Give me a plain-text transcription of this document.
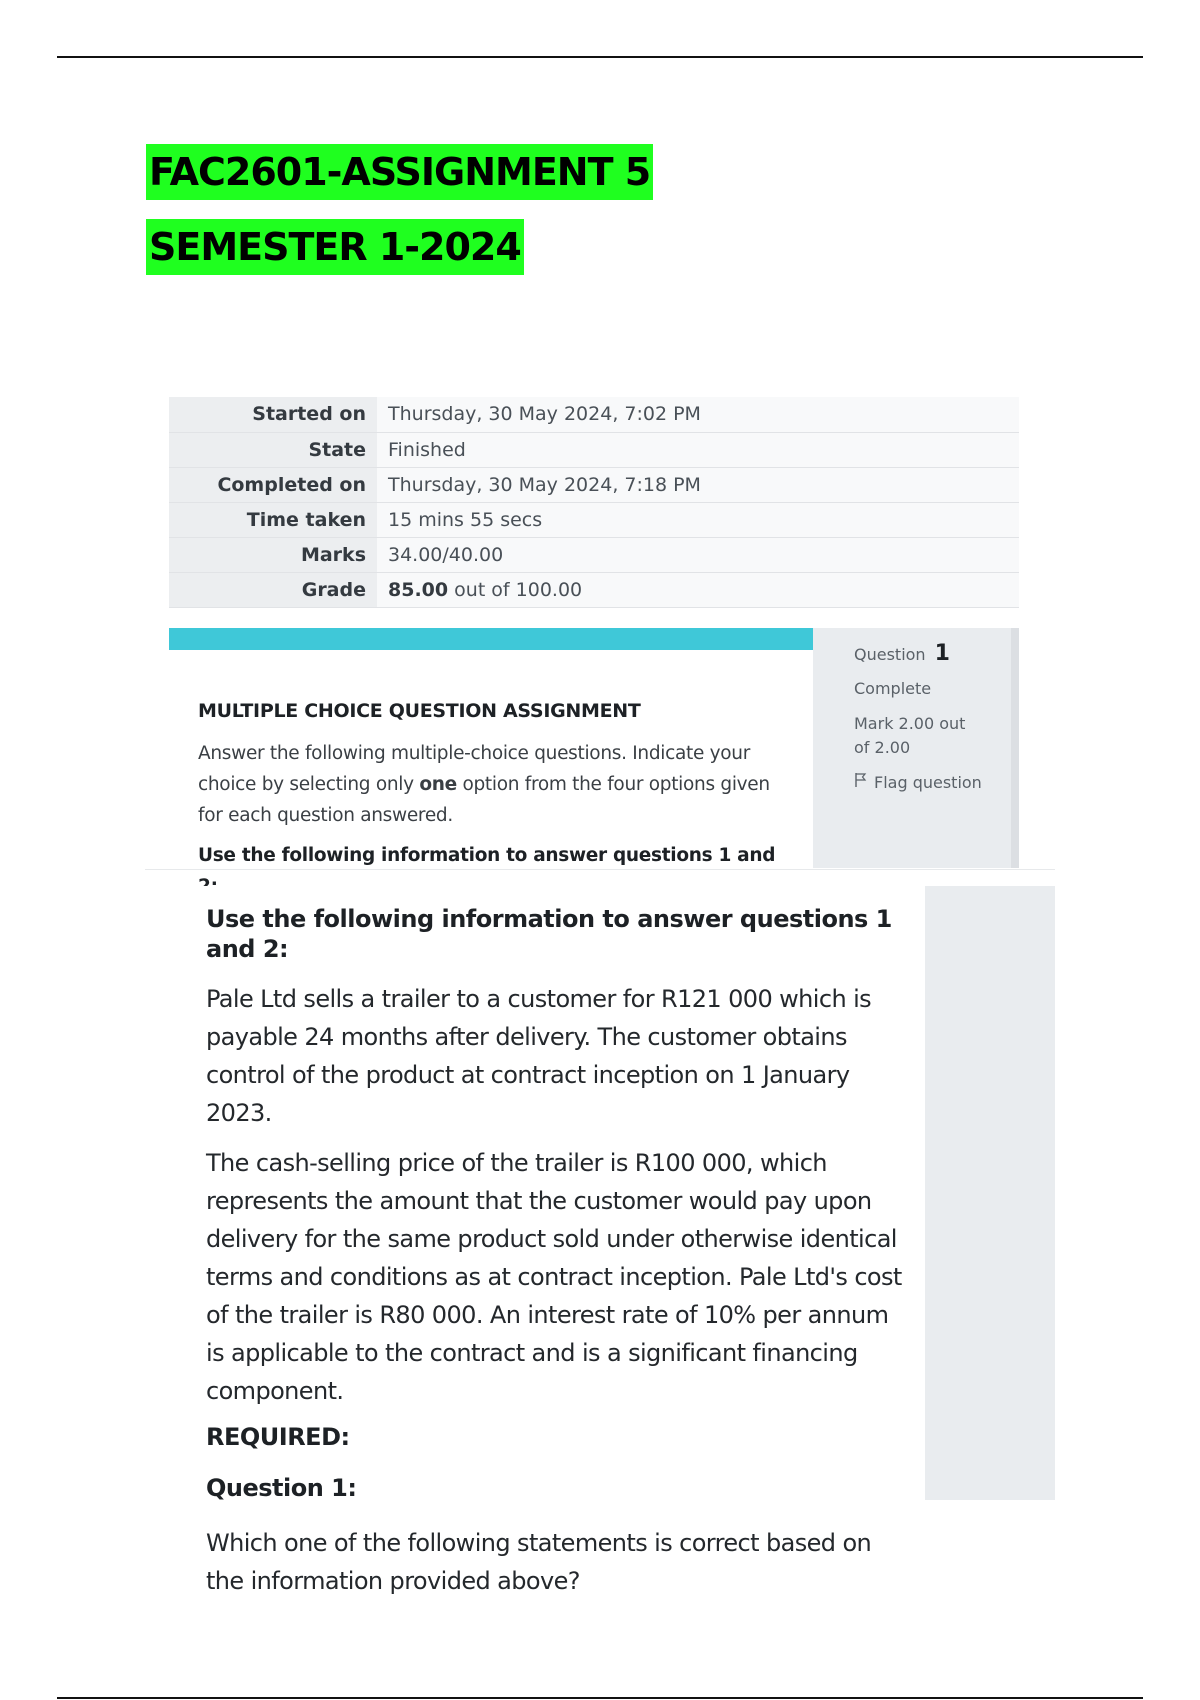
FAC2601-ASSIGNMENT 5
SEMESTER 1-2024
Started on	Thursday, 30 May 2024, 7:02 PM
State	Finished
Completed on	Thursday, 30 May 2024, 7:18 PM
Time taken	15 mins 55 secs
Marks	34.00/40.00
Grade	85.00 out of 100.00
MULTIPLE CHOICE QUESTION ASSIGNMENT

Answer the following multiple-choice questions. Indicate your choice by selecting only one option from the four options given for each question answered.

Use the following information to answer questions 1 and

Question 1
Complete
Mark 2.00 out of 2.00
Flag question
Use the following information to answer questions 1 and 2:

Pale Ltd sells a trailer to a customer for R121 000 which is payable 24 months after delivery. The customer obtains control of the product at contract inception on 1 January 2023.

The cash-selling price of the trailer is R100 000, which represents the amount that the customer would pay upon delivery for the same product sold under otherwise identical terms and conditions as at contract inception. Pale Ltd's cost of the trailer is R80 000. An interest rate of 10% per annum is applicable to the contract and is a significant financing component.

REQUIRED:
Question 1:

Which one of the following statements is correct based on the information provided above?
